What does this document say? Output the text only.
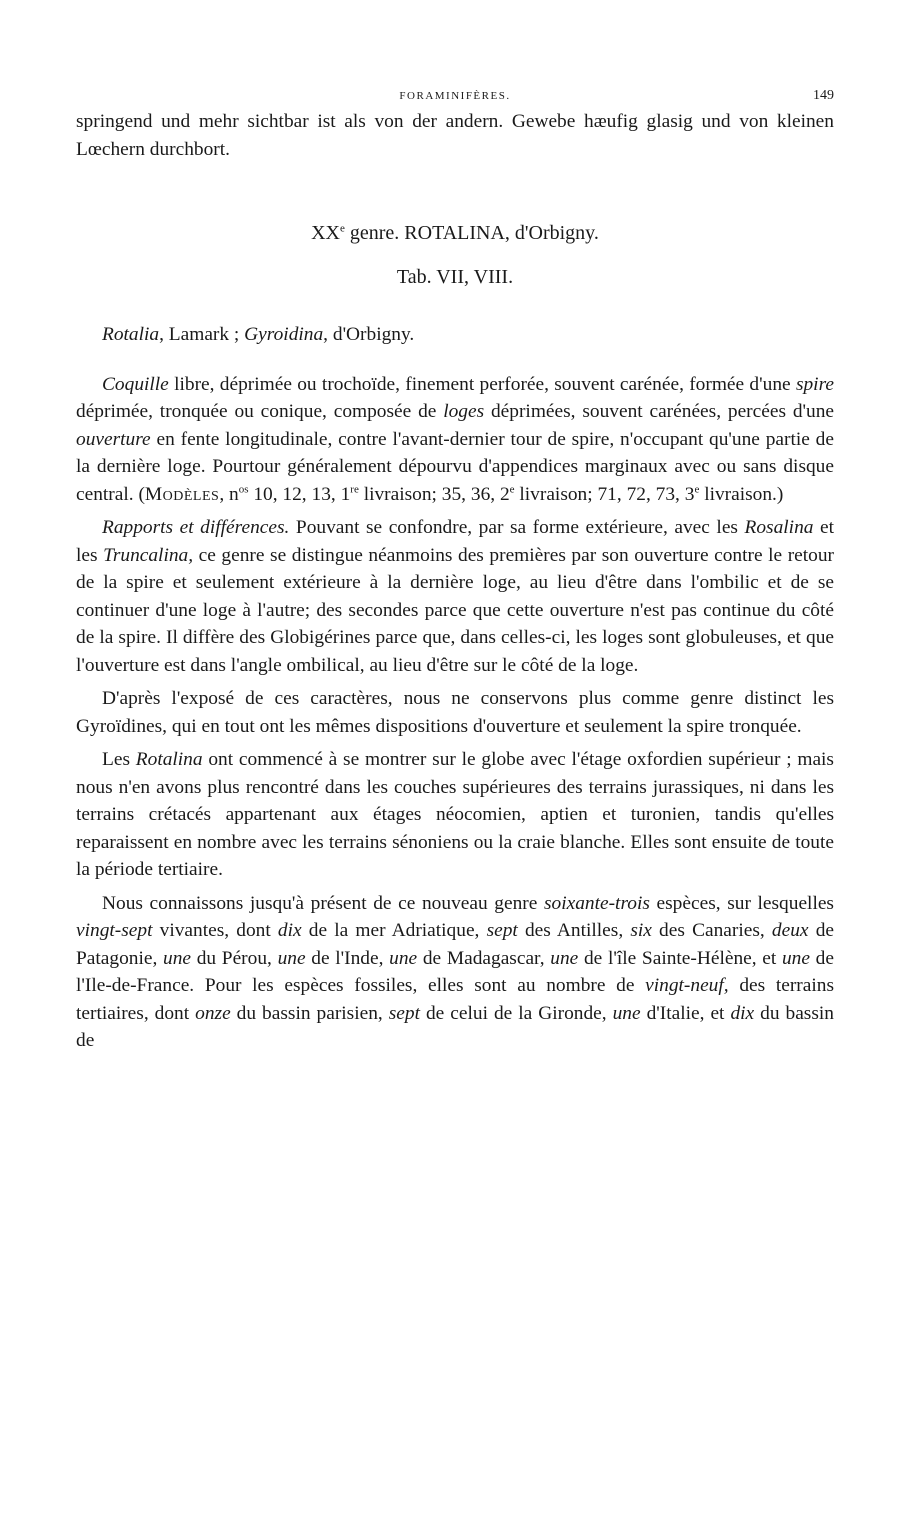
FORAMINIFÈRES.	149

springend und mehr sichtbar ist als von der andern. Gewebe hæufig glasig und von kleinen Lœchern durchbort.

XXe genre. ROTALINA, d'Orbigny.
Tab. VII, VIII.

Rotalia, Lamark ; Gyroidina, d'Orbigny.

Coquille libre, déprimée ou trochoïde, finement perforée, souvent carénée, formée d'une spire déprimée, tronquée ou conique, composée de loges déprimées, souvent carénées, percées d'une ouverture en fente longitudinale, contre l'avant-dernier tour de spire, n'occupant qu'une partie de la dernière loge. Pourtour généralement dépourvu d'appendices marginaux avec ou sans disque central. (Modèles, $n^{os}$ 10, 12, 13, 1re livraison; 35, 36, 2e livraison; 71, 72, 73, 3e livraison.)

Rapports et différences. Pouvant se confondre, par sa forme extérieure, avec les Rosalina et les Truncalina, ce genre se distingue néanmoins des premières par son ouverture contre le retour de la spire et seulement extérieure à la dernière loge, au lieu d'être dans l'ombilic et de se continuer d'une loge à l'autre; des secondes parce que cette ouverture n'est pas continue du côté de la spire. Il diffère des Globigérines parce que, dans celles-ci, les loges sont globuleuses, et que l'ouverture est dans l'angle ombilical, au lieu d'être sur le côté de la loge.

D'après l'exposé de ces caractères, nous ne conservons plus comme genre distinct les Gyroïdines, qui en tout ont les mêmes dispositions d'ouverture et seulement la spire tronquée.

Les Rotalina ont commencé à se montrer sur le globe avec l'étage oxfordien supérieur ; mais nous n'en avons plus rencontré dans les couches supérieures des terrains jurassiques, ni dans les terrains crétacés appartenant aux étages néocomien, aptien et turonien, tandis qu'elles reparaissent en nombre avec les terrains sénoniens ou la craie blanche. Elles sont ensuite de toute la période tertiaire.

Nous connaissons jusqu'à présent de ce nouveau genre soixante-trois espèces, sur lesquelles vingt-sept vivantes, dont dix de la mer Adriatique, sept des Antilles, six des Canaries, deux de Patagonie, une du Pérou, une de l'Inde, une de Madagascar, une de l'île Sainte-Hélène, et une de l'Ile-de-France. Pour les espèces fossiles, elles sont au nombre de vingt-neuf, des terrains tertiaires, dont onze du bassin parisien, sept de celui de la Gironde, une d'Italie, et dix du bassin de
